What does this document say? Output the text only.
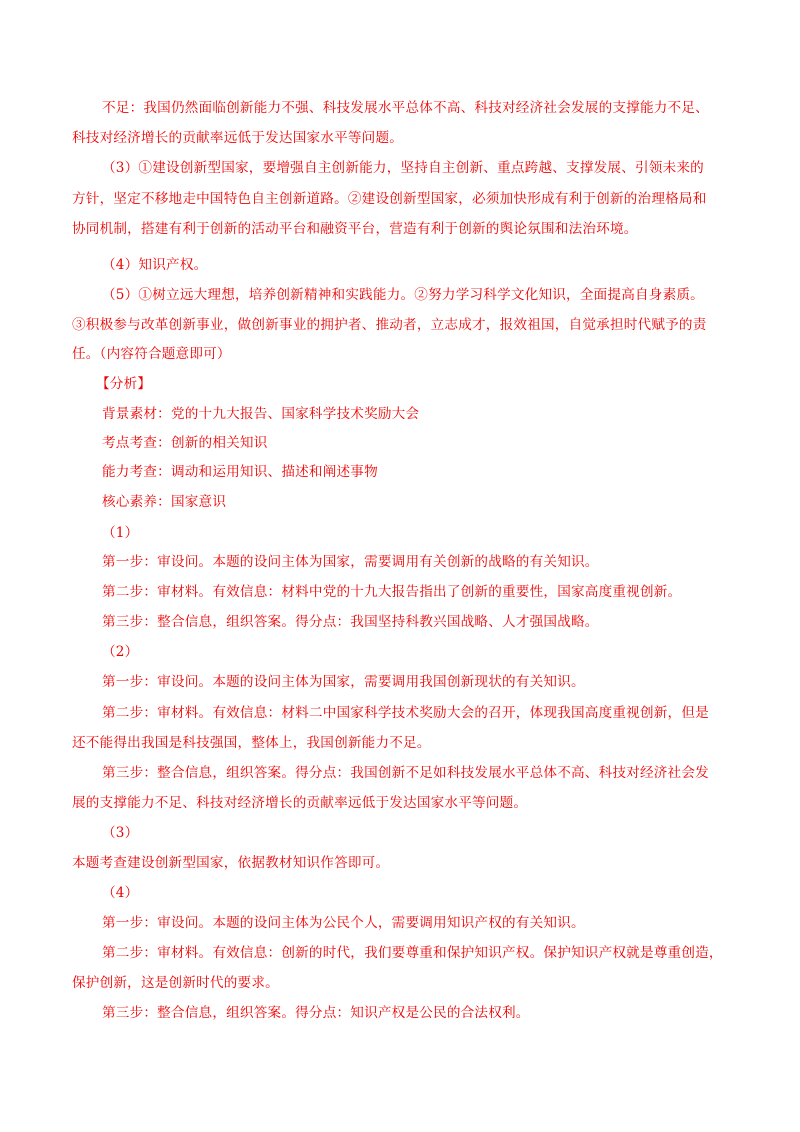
不足：我国仍然面临创新能力不强、科技发展水平总体不高、科技对经济社会发展的支撑能力不足、
科技对经济增长的贡献率远低于发达国家水平等问题。
（3）①建设创新型国家，要增强自主创新能力，坚持自主创新、重点跨越、支撑发展、引领未来的
方针，坚定不移地走中国特色自主创新道路。②建设创新型国家，必须加快形成有利于创新的治理格局和
协同机制，搭建有利于创新的活动平台和融资平台，营造有利于创新的舆论氛围和法治环境。
（4）知识产权。
（5）①树立远大理想，培养创新精神和实践能力。②努力学习科学文化知识，全面提高自身素质。
③积极参与改革创新事业，做创新事业的拥护者、推动者，立志成才，报效祖国，自觉承担时代赋予的责
任。（内容符合题意即可）
【分析】
背景素材：党的十九大报告、国家科学技术奖励大会
考点考查：创新的相关知识
能力考查：调动和运用知识、描述和阐述事物
核心素养：国家意识
（1）
第一步：审设问。本题的设问主体为国家，需要调用有关创新的战略的有关知识。
第二步：审材料。有效信息：材料中党的十九大报告指出了创新的重要性，国家高度重视创新。
第三步：整合信息，组织答案。得分点：我国坚持科教兴国战略、人才强国战略。
（2）
第一步：审设问。本题的设问主体为国家，需要调用我国创新现状的有关知识。
第二步：审材料。有效信息：材料二中国家科学技术奖励大会的召开，体现我国高度重视创新，但是
还不能得出我国是科技强国，整体上，我国创新能力不足。
第三步：整合信息，组织答案。得分点：我国创新不足如科技发展水平总体不高、科技对经济社会发
展的支撑能力不足、科技对经济增长的贡献率远低于发达国家水平等问题。
（3）
本题考查建设创新型国家，依据教材知识作答即可。
（4）
第一步：审设问。本题的设问主体为公民个人，需要调用知识产权的有关知识。
第二步：审材料。有效信息：创新的时代，我们要尊重和保护知识产权。保护知识产权就是尊重创造，
保护创新，这是创新时代的要求。
第三步：整合信息，组织答案。得分点：知识产权是公民的合法权利。
